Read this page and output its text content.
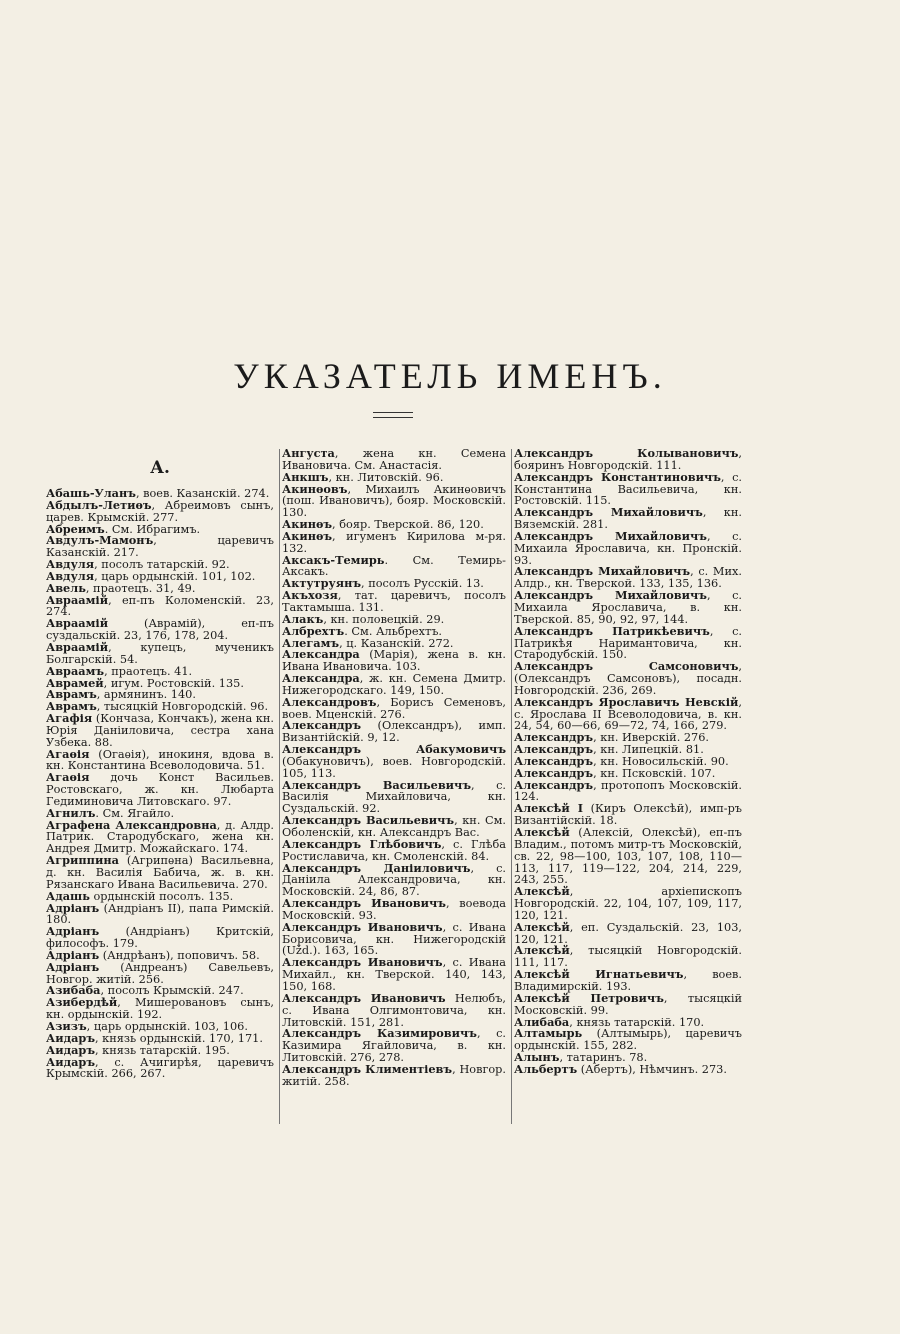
УКАЗАТЕЛЬ ИМЕНЪ.
А.
Абашь-Уланъ, воев. Казанскій. 274.
Абдылъ-Летиѳъ, Абреимовъ сынъ, царев. Крымскій. 277.
Абреимъ. См. Ибрагимъ.
Авдулъ-Мамонъ, царевичъ Казанскій. 217.
Авдуля, посолъ татарскій. 92.
Авдуля, царь ордынскій. 101, 102.
Авель, праотецъ. 31, 49.
Авраамій, еп-пъ Коломенскій. 23, 274.
Авраамій (Аврамій), еп-пъ суздальскій. 23, 176, 178, 204.
Авраамій, купецъ, мученикъ Болгарскій. 54.
Авраамъ, праотецъ. 41.
Аврамей, игум. Ростовскій. 135.
Аврамъ, армянинъ. 140.
Аврамъ, тысяцкій Новгородскій. 96.
Агафія (Кончаза, Кончакъ), жена кн. Юрія Даніиловича, сестра хана Узбека. 88.
Агаѳія (Огаѳія), инокиня, вдова в. кн. Константина Всеволодовича. 51.
Агаѳія дочь Конст Васильев. Ростовскаго, ж. кн. Любарта Гедиминовича Литовскаго. 97.
Агнилъ. См. Ягайло.
Аграфена Александровна, д. Алдр. Патрик. Стародубскаго, жена кн. Андрея Дмитр. Можайскаго. 174.
Агриппина (Агрипѳна) Васильевна, д. кн. Василія Бабича, ж. в. кн. Рязанскаго Ивана Васильевича. 270.
Адашь ордынскій посолъ. 135.
Адріанъ (Андріанъ II), папа Римскій. 180.
Адріанъ (Андріанъ) Критскій, философъ. 179.
Адріанъ (Андрѣанъ), поповичъ. 58.
Адріанъ (Андреанъ) Савельевъ, Новгор. житій. 256.
Азибаба, посолъ Крымскій. 247.
Азибердѣй, Мишеровановъ сынъ, кн. ордынскій. 192.
Азизъ, царь ордынскій. 103, 106.
Аидаръ, князь ордынскій. 170, 171.
Аидаръ, князь татарскій. 195.
Аидаръ, с. Ачигирѣя, царевичъ Крымскій. 266, 267.
Ангуста, жена кн. Семена Ивановича. См. Анастасія.
Анкшъ, кн. Литовскій. 96.
Акинѳовъ, Михаилъ Акинѳовичъ (пош. Ивановичъ), бояр. Московскій. 130.
Акинѳъ, бояр. Тверской. 86, 120.
Акинѳъ, игуменъ Кирилова м-ря. 132.
Аксакъ-Темирь. См. Темирь-Аксакъ.
Актутруянъ, посолъ Русскій. 13.
Акъхозя, тат. царевичъ, посолъ Тактамыша. 131.
Алакъ, кн. половецкій. 29.
Албрехтъ. См. Альбрехтъ.
Алегамъ, ц. Казанскій. 272.
Александра (Марія), жена в. кн. Ивана Ивановича. 103.
Александра, ж. кн. Семена Дмитр. Нижегородскаго. 149, 150.
Александровъ, Борисъ Семеновъ, воев. Мценскій. 276.
Александръ (Олександръ), имп. Византійскій. 9, 12.
Александръ Абакумовичъ (Обакуновичъ), воев. Новгородскій. 105, 113.
Александръ Васильевичъ, с. Василія Михайловича, кн. Суздальскій. 92.
Александръ Васильевичъ, кн. См. Оболенскій, кн. Александръ Вас.
Александръ Глѣбовичъ, с. Глѣба Ростиславича, кн. Смоленскій. 84.
Александръ Даніиловичъ, с. Даніила Александровича, кн. Московскій. 24, 86, 87.
Александръ Ивановичъ, воевода Московскій. 93.
Александръ Ивановичъ, с. Ивана Борисовича, кн. Нижегородскій (Užd.). 163, 165.
Александръ Ивановичъ, с. Ивана Михайл., кн. Тверской. 140, 143, 150, 168.
Александръ Ивановичъ Нелюбъ, с. Ивана Олгимонтовича, кн. Литовскій. 151, 281.
Александръ Казимировичъ, с. Казимира Ягайловича, в. кн. Литовскій. 276, 278.
Александръ Климентіевъ, Новгор. житій. 258.
Александръ Колывановичъ, бояринъ Новгородскій. 111.
Александръ Константиновичъ, с. Константина Васильевича, кн. Ростовскій. 115.
Александръ Михайловичъ, кн. Вяземскій. 281.
Александръ Михайловичъ, с. Михаила Ярославича, кн. Пронскій. 93.
Александръ Михайловичъ, с. Мих. Алдр., кн. Тверской. 133, 135, 136.
Александръ Михайловичъ, с. Михаила Ярославича, в. кн. Тверской. 85, 90, 92, 97, 144.
Александръ Патрикѣевичъ, с. Патрикѣя Наримантовича, кн. Стародубскій. 150.
Александръ Самсоновичъ, (Олександръ Самсоновъ), посадн. Новгородскій. 236, 269.
Александръ Ярославичъ Невскій, с. Ярослава II Всеволодовича, в. кн. 24, 54, 60—66, 69—72, 74, 166, 279.
Александръ, кн. Иверскій. 276.
Александръ, кн. Липецкій. 81.
Александръ, кн. Новосильскій. 90.
Александръ, кн. Псковскій. 107.
Александръ, протопопъ Московскій. 124.
Алексѣй I (Киръ Олексѣй), имп-ръ Византійскій. 18.
Алексѣй (Алексій, Олексѣй), еп-пъ Владим., потомъ митр-тъ Московскій, св. 22, 98—100, 103, 107, 108, 110—113, 117, 119—122, 204, 214, 229, 243, 255.
Алексѣй, архіепископъ Новгородскій. 22, 104, 107, 109, 117, 120, 121.
Алексѣй, еп. Суздальскій. 23, 103, 120, 121.
Алексѣй, тысяцкій Новгородскій. 111, 117.
Алексѣй Игнатьевичъ, воев. Владимирскій. 193.
Алексѣй Петровичъ, тысяцкій Московскій. 99.
Алибаба, князь татарскій. 170.
Алтамырь (Алтымырь), царевичъ ордынскій. 155, 282.
Алынъ, татаринъ. 78.
Альбертъ (Абертъ), Нѣмчинъ. 273.
